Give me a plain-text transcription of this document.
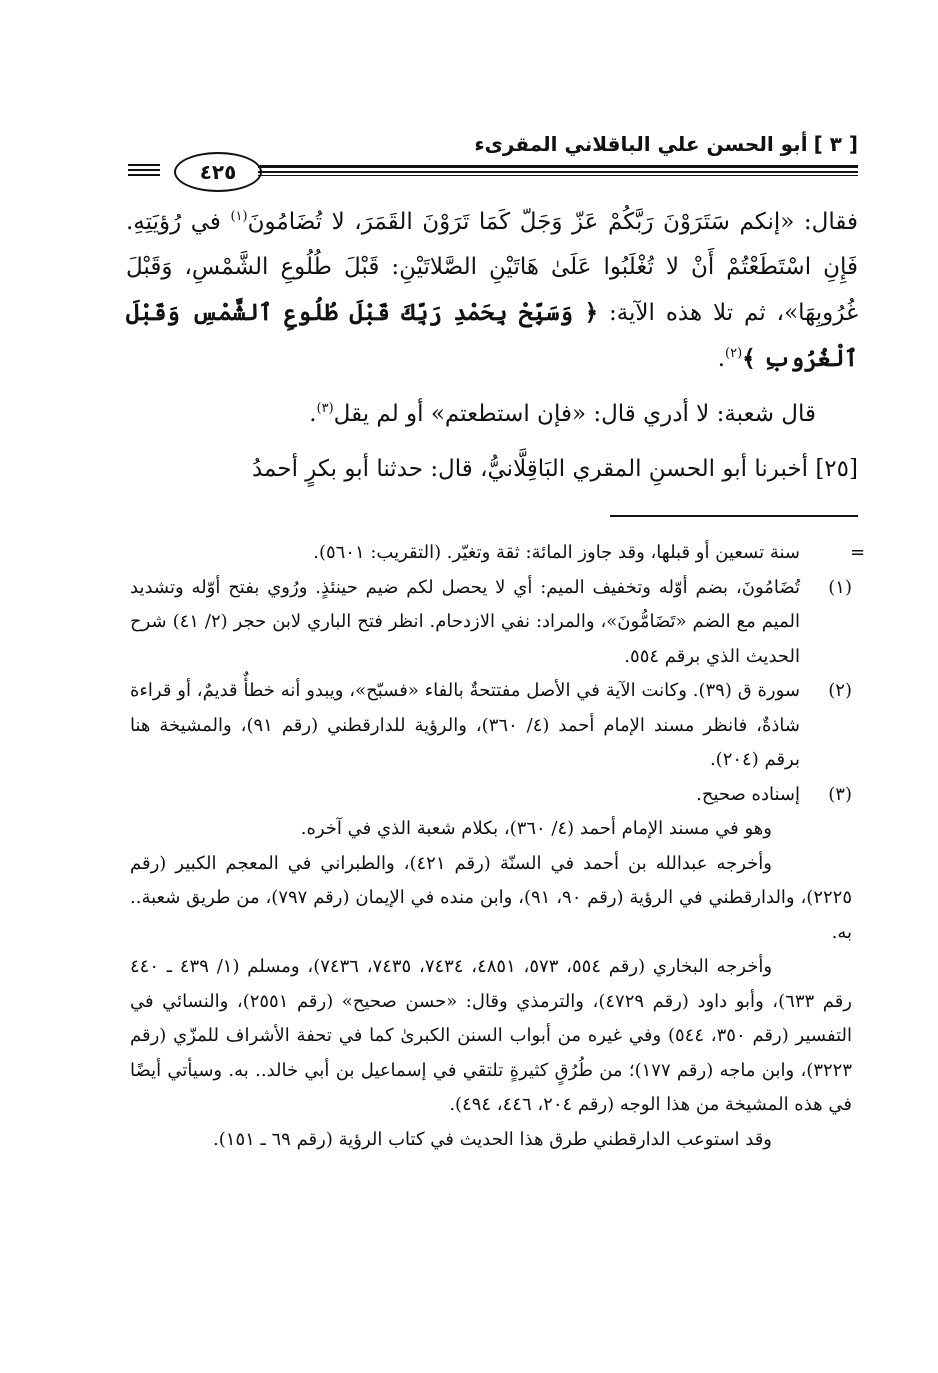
[ ٣ ]
أبو الحسن علي الباقلاني المقرىء
٤٢٥

فقال: «إنكم سَتَرَوْنَ رَبَّكُمْ عَزّ وَجَلّ كَمَا تَرَوْنَ القَمَرَ، لا تُضَامُونَ$^{(١)}$ في رُؤيَتِهِ. فَإِنِ اسْتَطَعْتُمْ أَنْ لا تُغْلَبُوا عَلَىٰ هَاتَيْنِ الصَّلاتَيْنِ: قَبْلَ طُلُوعِ الشَّمْسِ، وَقَبْلَ غُرُوبِهَا»، ثم تلا هذه الآية: ﴿ وَسَبِّحْ بِحَمْدِ رَبِّكَ قَبْلَ طُلُوعِ ٱلشَّمْسِ وَقَبْلَ ٱلْغُرُوبِ ﴾$^{(٢)}$.

قال شعبة: لا أدري قال: «فإن استطعتم» أو لم يقل$^{(٣)}$.

[٢٥] أخبرنا أبو الحسنِ المقري البَاقِلَّانيُّ، قال: حدثنا أبو بكرٍ أحمدُ

=

سنة تسعين أو قبلها، وقد جاوز المائة: ثقة وتغيّر. (التقريب: ٥٦٠١).

(١)
تُضَامُونَ، بضم أوّله وتخفيف الميم: أي لا يحصل لكم ضيم حينئذٍ. ورُوي بفتح أوّله وتشديد الميم مع الضم «تَضَامُّونَ»، والمراد: نفي الازدحام. انظر فتح الباري لابن حجر (٢/ ٤١) شرح الحديث الذي برقم ٥٥٤.
(٢)
سورة ق (٣٩). وكانت الآية في الأصل مفتتحةٌ بالفاء «فسبّح»، ويبدو أنه خطأٌ قديمٌ، أو قراءة شاذةٌ، فانظر مسند الإمام أحمد (٤/ ٣٦٠)، والرؤية للدارقطني (رقم ٩١)، والمشيخة هنا برقم (٢٠٤).
(٣)
إسناده صحيح.
وهو في مسند الإمام أحمد (٤/ ٣٦٠)، بكلام شعبة الذي في آخره.
وأخرجه عبدالله بن أحمد في السنّة (رقم ٤٢١)، والطبراني في المعجم الكبير (رقم ٢٢٢٥)، والدارقطني في الرؤية (رقم ٩٠، ٩١)، وابن منده في الإيمان (رقم ٧٩٧)، من طريق شعبة.. به.
وأخرجه البخاري (رقم ٥٥٤، ٥٧٣، ٤٨٥١، ٧٤٣٤، ٧٤٣٥، ٧٤٣٦)، ومسلم (١/ ٤٣٩ ـ ٤٤٠ رقم ٦٣٣)، وأبو داود (رقم ٤٧٢٩)، والترمذي وقال: «حسن صحيح» (رقم ٢٥٥١)، والنسائي في التفسير (رقم ٣٥٠، ٥٤٤) وفي غيره من أبواب السنن الكبرىٰ كما في تحفة الأشراف للمزّي (رقم ٣٢٢٣)، وابن ماجه (رقم ١٧٧)؛ من طُرُقٍ كثيرةٍ تلتقي في إسماعيل بن أبي خالد.. به. وسيأتي أيضًا في هذه المشيخة من هذا الوجه (رقم ٢٠٤، ٤٤٦، ٤٩٤).
وقد استوعب الدارقطني طرق هذا الحديث في كتاب الرؤية (رقم ٦٩ ـ ١٥١).
